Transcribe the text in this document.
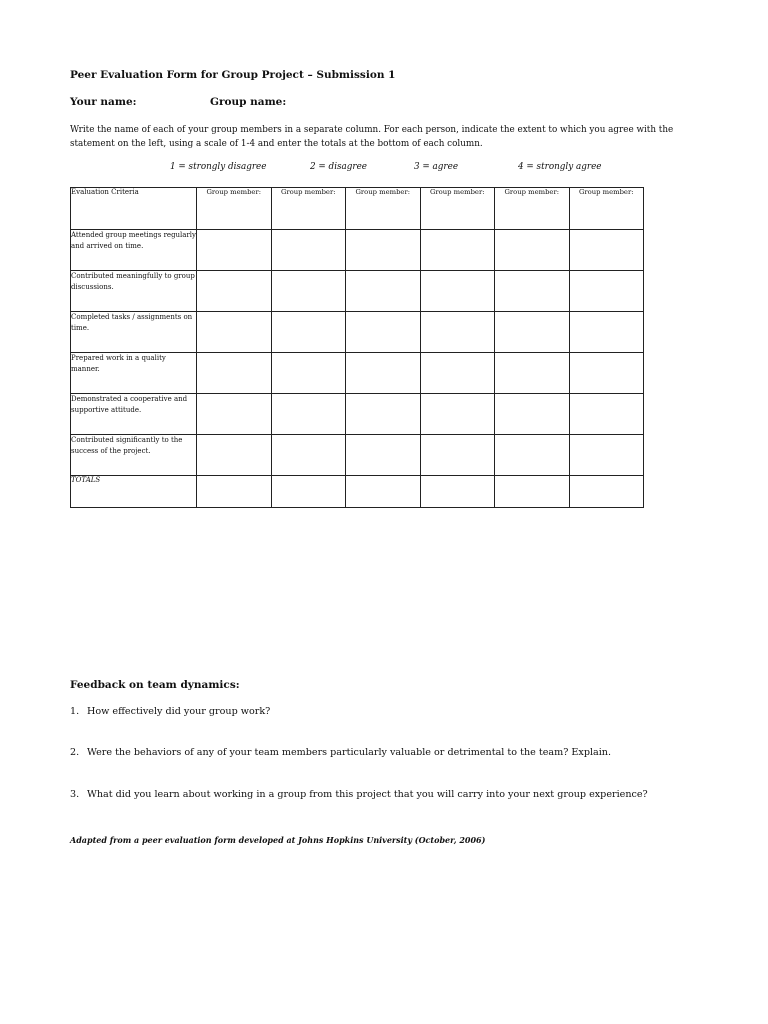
Peer Evaluation Form for Group Project – Submission 1
Your name:	Group name:
Write the name of each of your group members in a separate column. For each person, indicate the extent to which you agree with the statement on the left, using a scale of 1-4 and enter the totals at the bottom of each column.
1 = strongly disagree	2 = disagree	3 = agree	4 = strongly agree
Evaluation Criteria	Group member:	Group member:	Group member:	Group member:	Group member:	Group member:
Attended group meetings regularly and arrived on time.						
Contributed meaningfully to group discussions.						
Completed tasks / assignments on time.						
Prepared work in a quality manner.						
Demonstrated a cooperative and supportive attitude.						
Contributed significantly to the success of the project.						
TOTALS						
Feedback on team dynamics:
1. How effectively did your group work?
2. Were the behaviors of any of your team members particularly valuable or detrimental to the team? Explain.
3. What did you learn about working in a group from this project that you will carry into your next group experience?
Adapted from a peer evaluation form developed at Johns Hopkins University (October, 2006)
